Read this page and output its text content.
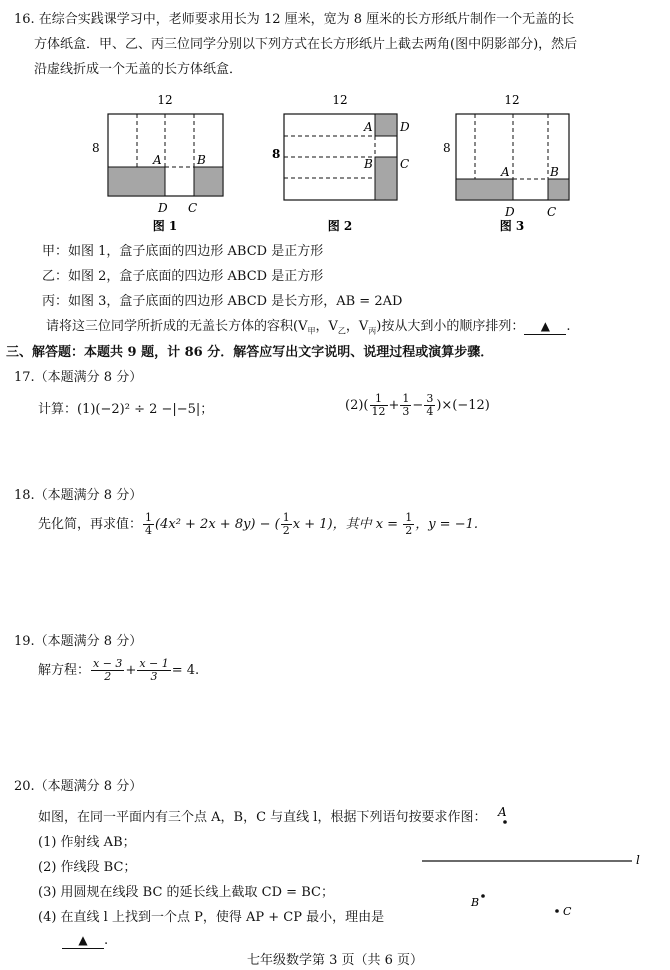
16. 在综合实践课学习中，老师要求用长为 12 厘米，宽为 8 厘米的长方形纸片制作一个无盖的长
方体纸盒．甲、乙、丙三位同学分别以下列方式在长方形纸片上截去两角(图中阴影部分)，然后
沿虚线折成一个无盖的长方体纸盒．
12
8
A	B
C
D
图 1
12
8
A
B C
D
图 2
12
8
A	B
C
D
图 3
甲：如图 1，盒子底面的四边形 ABCD 是正方形
乙：如图 2，盒子底面的四边形 ABCD 是正方形
丙：如图 3，盒子底面的四边形 ABCD 是长方形，AB = 2AD
请将这三位同学所折成的无盖长方体的容积($V_甲$，$V_乙$，$V_丙$)按从大到小的顺序排列： ▲ .
三、解答题：本题共 9 题，计 86 分．解答应写出文字说明、说理过程或演算步骤．
17.（本题满分 8 分）
计算：(1)(−2)² ÷ 2 −|−5|；	$(2)( \frac{1}{12} + \frac{1}{3} - \frac{3}{4} )\times(-12)$
18.（本题满分 8 分）
先化简，再求值： $\frac{1}{4} (4x^2 + 2x + 8y)$ − ( $\frac{1}{2}$ x + 1)，其中 $x = \frac{1}{2}$ ，y = −1.
19.（本题满分 8 分）
解方程： $\frac{x - 3}{2} + \frac{x - 1}{3} = 4$.
20.（本题满分 8 分）
如图，在同一平面内有三个点 A，B，C 与直线 l，根据下列语句按要求作图：
(1) 作射线 AB；
(2) 作线段 BC；
(3) 用圆规在线段 BC 的延长线上截取 CD = BC；
(4) 在直线 l 上找到一个点 P，使得 AP + CP 最小，理由是
▲ .
A
l
B
C
七年级数学第 3 页（共 6 页）
